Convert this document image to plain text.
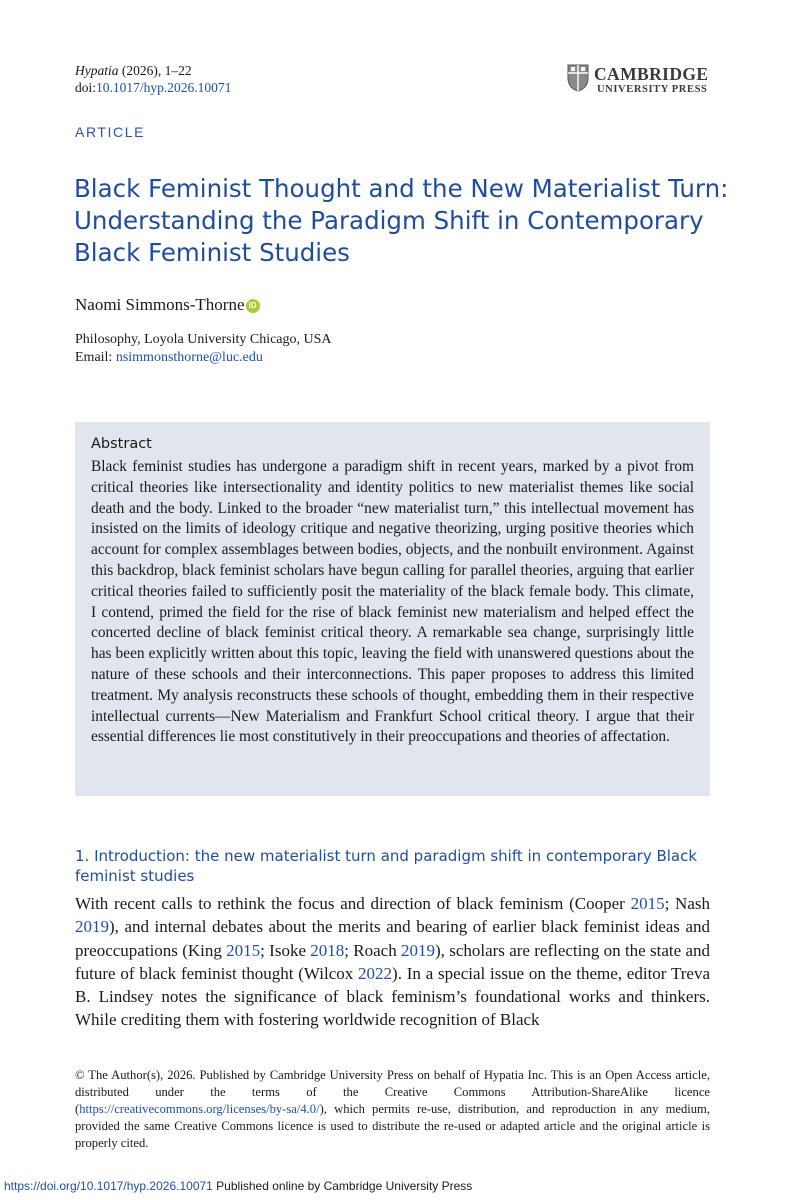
Hypatia (2026), 1–22
doi:10.1017/hyp.2026.10071
CAMBRIDGE
UNIVERSITY PRESS
ARTICLE
Black Feminist Thought and the New Materialist Turn: Understanding the Paradigm Shift in Contemporary Black Feminist Studies
Naomi Simmons-Thorne iD
Philosophy, Loyola University Chicago, USA
Email: nsimmonsthorne@luc.edu
Abstract

Black feminist studies has undergone a paradigm shift in recent years, marked by a pivot from critical theories like intersectionality and identity politics to new materialist themes like social death and the body. Linked to the broader “new materialist turn,” this intellectual movement has insisted on the limits of ideology critique and negative theorizing, urging positive theories which account for complex assemblages between bodies, objects, and the nonbuilt environment. Against this backdrop, black feminist scholars have begun calling for parallel theories, arguing that earlier critical theories failed to sufficiently posit the materiality of the black female body. This climate, I contend, primed the field for the rise of black feminist new materialism and helped effect the concerted decline of black feminist critical theory. A remarkable sea change, surprisingly little has been explicitly written about this topic, leaving the field with unanswered questions about the nature of these schools and their interconnections. This paper proposes to address this limited treatment. My analysis reconstructs these schools of thought, embedding them in their respective intellectual currents—New Materialism and Frankfurt School critical theory. I argue that their essential differences lie most constitutively in their preoccupations and theories of affectation.

1. Introduction: the new materialist turn and paradigm shift in contemporary Black feminist studies

With recent calls to rethink the focus and direction of black feminism (Cooper 2015; Nash 2019), and internal debates about the merits and bearing of earlier black feminist ideas and preoccupations (King 2015; Isoke 2018; Roach 2019), scholars are reflecting on the state and future of black feminist thought (Wilcox 2022). In a special issue on the theme, editor Treva B. Lindsey notes the significance of black feminism’s foundational works and thinkers. While crediting them with fostering worldwide recognition of Black

© The Author(s), 2026. Published by Cambridge University Press on behalf of Hypatia Inc. This is an Open Access article, distributed under the terms of the Creative Commons Attribution-ShareAlike licence (https://creativecommons.org/licenses/by-sa/4.0/), which permits re-use, distribution, and reproduction in any medium, provided the same Creative Commons licence is used to distribute the re-used or adapted article and the original article is properly cited.

https://doi.org/10.1017/hyp.2026.10071 Published online by Cambridge University Press
